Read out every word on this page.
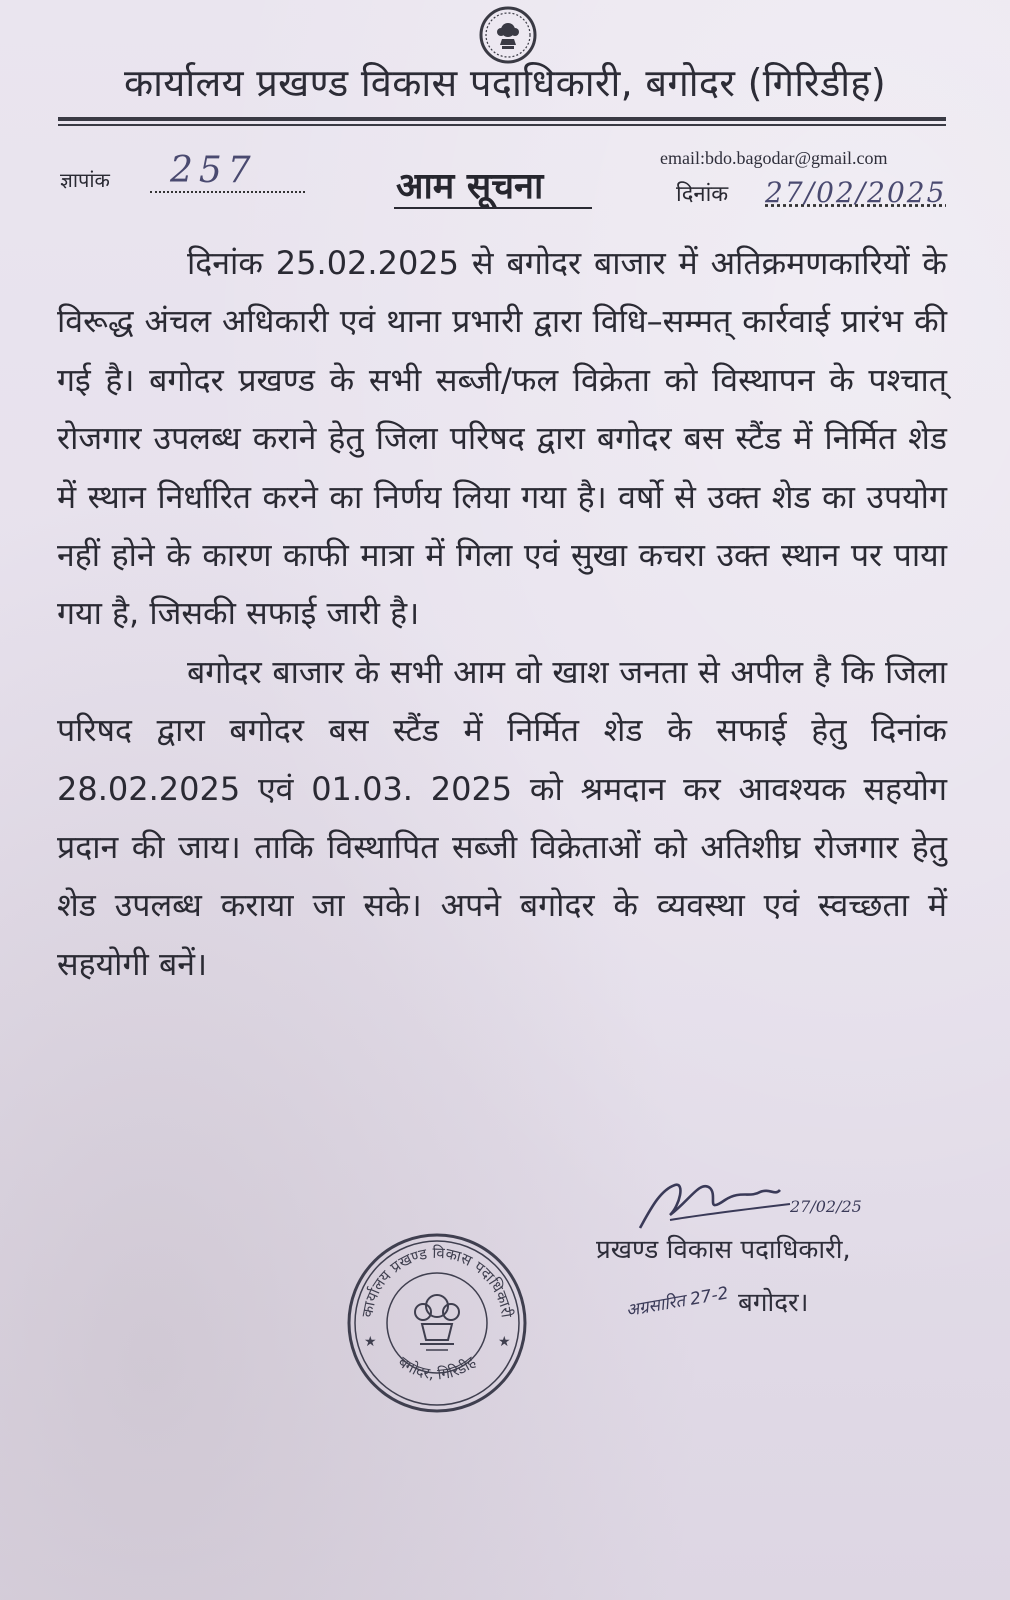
कार्यालय प्रखण्ड विकास पदाधिकारी, बगोदर (गिरिडीह)
email:bdo.bagodar@gmail.com
ज्ञापांक 257	आम सूचना	दिनांक 27/02/2025

दिनांक 25.02.2025 से बगोदर बाजार में अतिक्रमणकारियों के विरूद्ध अंचल अधिकारी एवं थाना प्रभारी द्वारा विधि–सम्मत् कार्रवाई प्रारंभ की गई है। बगोदर प्रखण्ड के सभी सब्जी/फल विक्रेता को विस्थापन के पश्चात् रोजगार उपलब्ध कराने हेतु जिला परिषद द्वारा बगोदर बस स्टैंड में निर्मित शेड में स्थान निर्धारित करने का निर्णय लिया गया है। वर्षो से उक्त शेड का उपयोग नहीं होने के कारण काफी मात्रा में गिला एवं सुखा कचरा उक्त स्थान पर पाया गया है, जिसकी सफाई जारी है।

बगोदर बाजार के सभी आम वो खाश जनता से अपील है कि जिला परिषद द्वारा बगोदर बस स्टैंड में निर्मित शेड के सफाई हेतु दिनांक 28.02.2025 एवं 01.03. 2025 को श्रमदान कर आवश्यक सहयोग प्रदान की जाय। ताकि विस्थापित सब्जी विक्रेताओं को अतिशीघ्र रोजगार हेतु शेड उपलब्ध कराया जा सके। अपने बगोदर के व्यवस्था एवं स्वच्छता में सहयोगी बनें।

कार्यालय प्रखण्ड विकास पदाधिकारी
बगोदर, गिरिडीह
★	★
27/02/25
प्रखण्ड विकास पदाधिकारी,
अग्रसारित 27-2 बगोदर।
